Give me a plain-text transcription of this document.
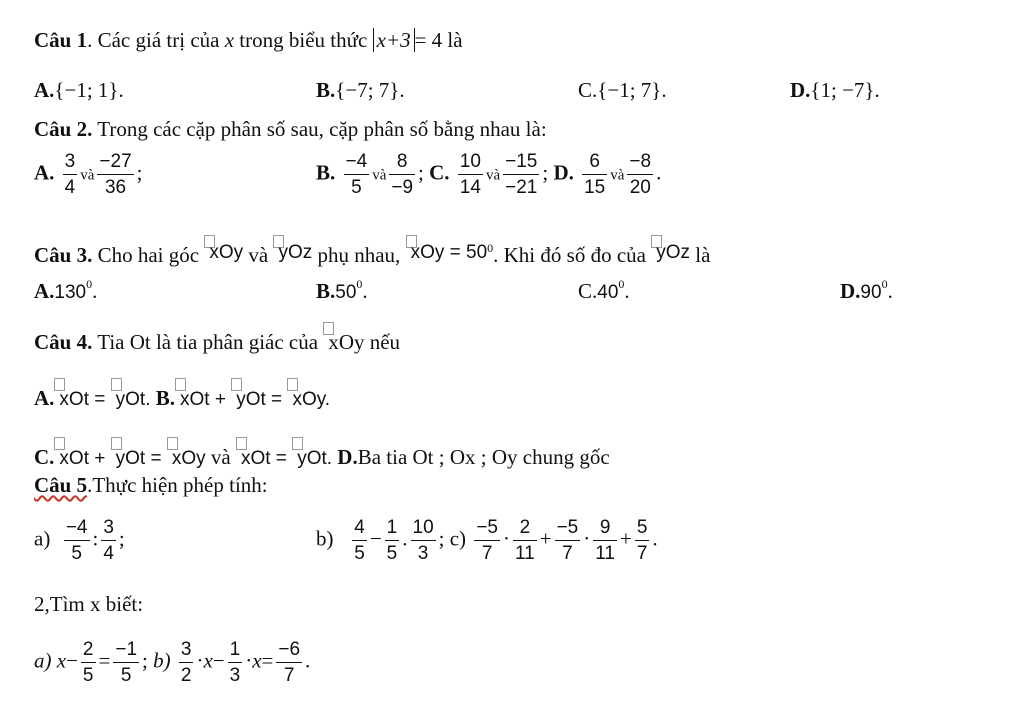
Câu 1. Các giá trị của x trong biểu thức x+3 = 4 là
A.{−1; 1}.	B.{−7; 7}.	C.{−1; 7}.	D.{1; −7}.
Câu 2. Trong các cặp phân số sau, cặp phân số bằng nhau là:
A. $\frac{3}{4}$ và $\frac{-27}{36}$ ;	B. $\frac{-4}{5}$ và $\frac{8}{-9}$ ; C. $\frac{10}{14}$ và $\frac{-15}{-21}$ ; D. $\frac{6}{15}$ và $\frac{-8}{20}$ .
Câu 3. Cho hai góc xOy và yOz phụ nhau, xOy = $50^0$. Khi đó số đo của yOz là
A.130$^0$.	$B.50^0$.	$C.40^0$.	$D.90^0$.
Câu 4. Tia Ot là tia phân giác của xOy nếu
A. xOt = yOt. B. xOt + yOt = xOy.
C. xOt + yOt = xOy và xOt = yOt. D.Ba tia Ot ; Ox ; Oy chung gốc
Câu 5.Thực hiện phép tính:
$a) \frac{-4}{5}$ : $\frac{3}{4}$ ;	$b) \frac{4}{5} - \frac{1}{5}$ . $\frac{10}{3}$ ; $c) \frac{-5}{7} \cdot \frac{2}{11} + \frac{-5}{7} \cdot \frac{9}{11} + \frac{5}{7}$ .
2,Tìm x biết:
a) $x- \frac{2}{5} = \frac{-1}{5}$ ; $b) \frac{3}{2} \cdot x- \frac{1}{3} \cdot x= \frac{-6}{7}$ .
